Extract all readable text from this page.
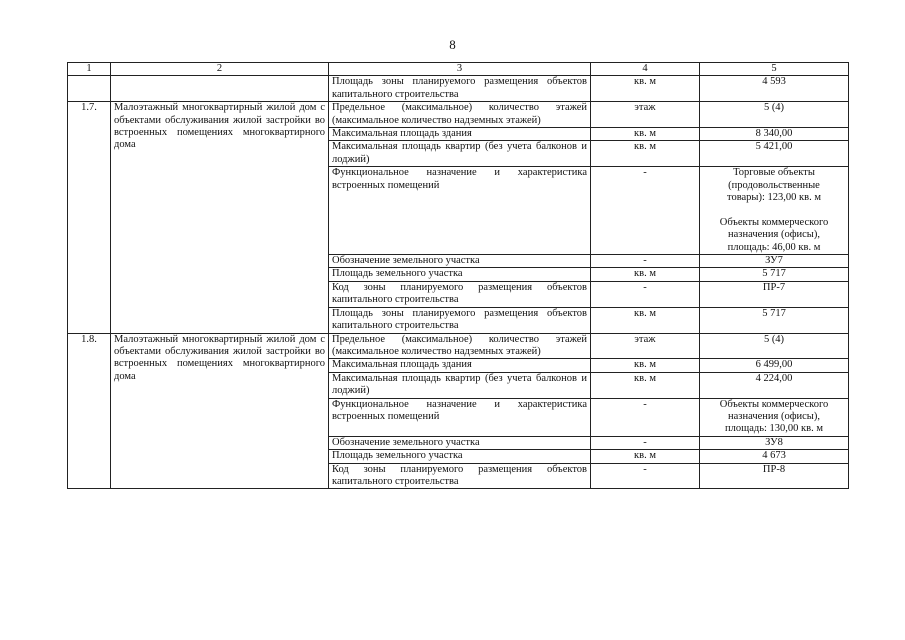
8
1	2	3	4	5
		Площадь зоны планируемого размещения объектов капитального строительства	кв. м	4 593
1.7.	Малоэтажный многоквартирный жилой дом с объектами обслуживания жилой застройки во встроенных помещениях многоквартирного дома	Предельное (максимальное) количество этажей (максимальное количество надземных этажей)	этаж	5 (4)
		Максимальная площадь здания	кв. м	8 340,00
		Максимальная площадь квартир (без учета балконов и лоджий)	кв. м	5 421,00
		Функциональное назначение и характеристика встроенных помещений	-	Торговые объекты (продовольственные товары): 123,00 кв. м
Объекты коммерческого назначения (офисы), площадь: 46,00 кв. м

		Обозначение земельного участка	-	ЗУ7
		Площадь земельного участка	кв. м	5 717
		Код зоны планируемого размещения объектов капитального строительства	-	ПР-7
		Площадь зоны планируемого размещения объектов капитального строительства	кв. м	5 717
1.8.	Малоэтажный многоквартирный жилой дом с объектами обслуживания жилой застройки во встроенных помещениях многоквартирного дома	Предельное (максимальное) количество этажей (максимальное количество надземных этажей)	этаж	5 (4)
		Максимальная площадь здания	кв. м	6 499,00
		Максимальная площадь квартир (без учета балконов и лоджий)	кв. м	4 224,00
		Функциональное назначение и характеристика встроенных помещений	-	Объекты коммерческого назначения (офисы), площадь: 130,00 кв. м
		Обозначение земельного участка	-	ЗУ8
		Площадь земельного участка	кв. м	4 673
		Код зоны планируемого размещения объектов капитального строительства	-	ПР-8
